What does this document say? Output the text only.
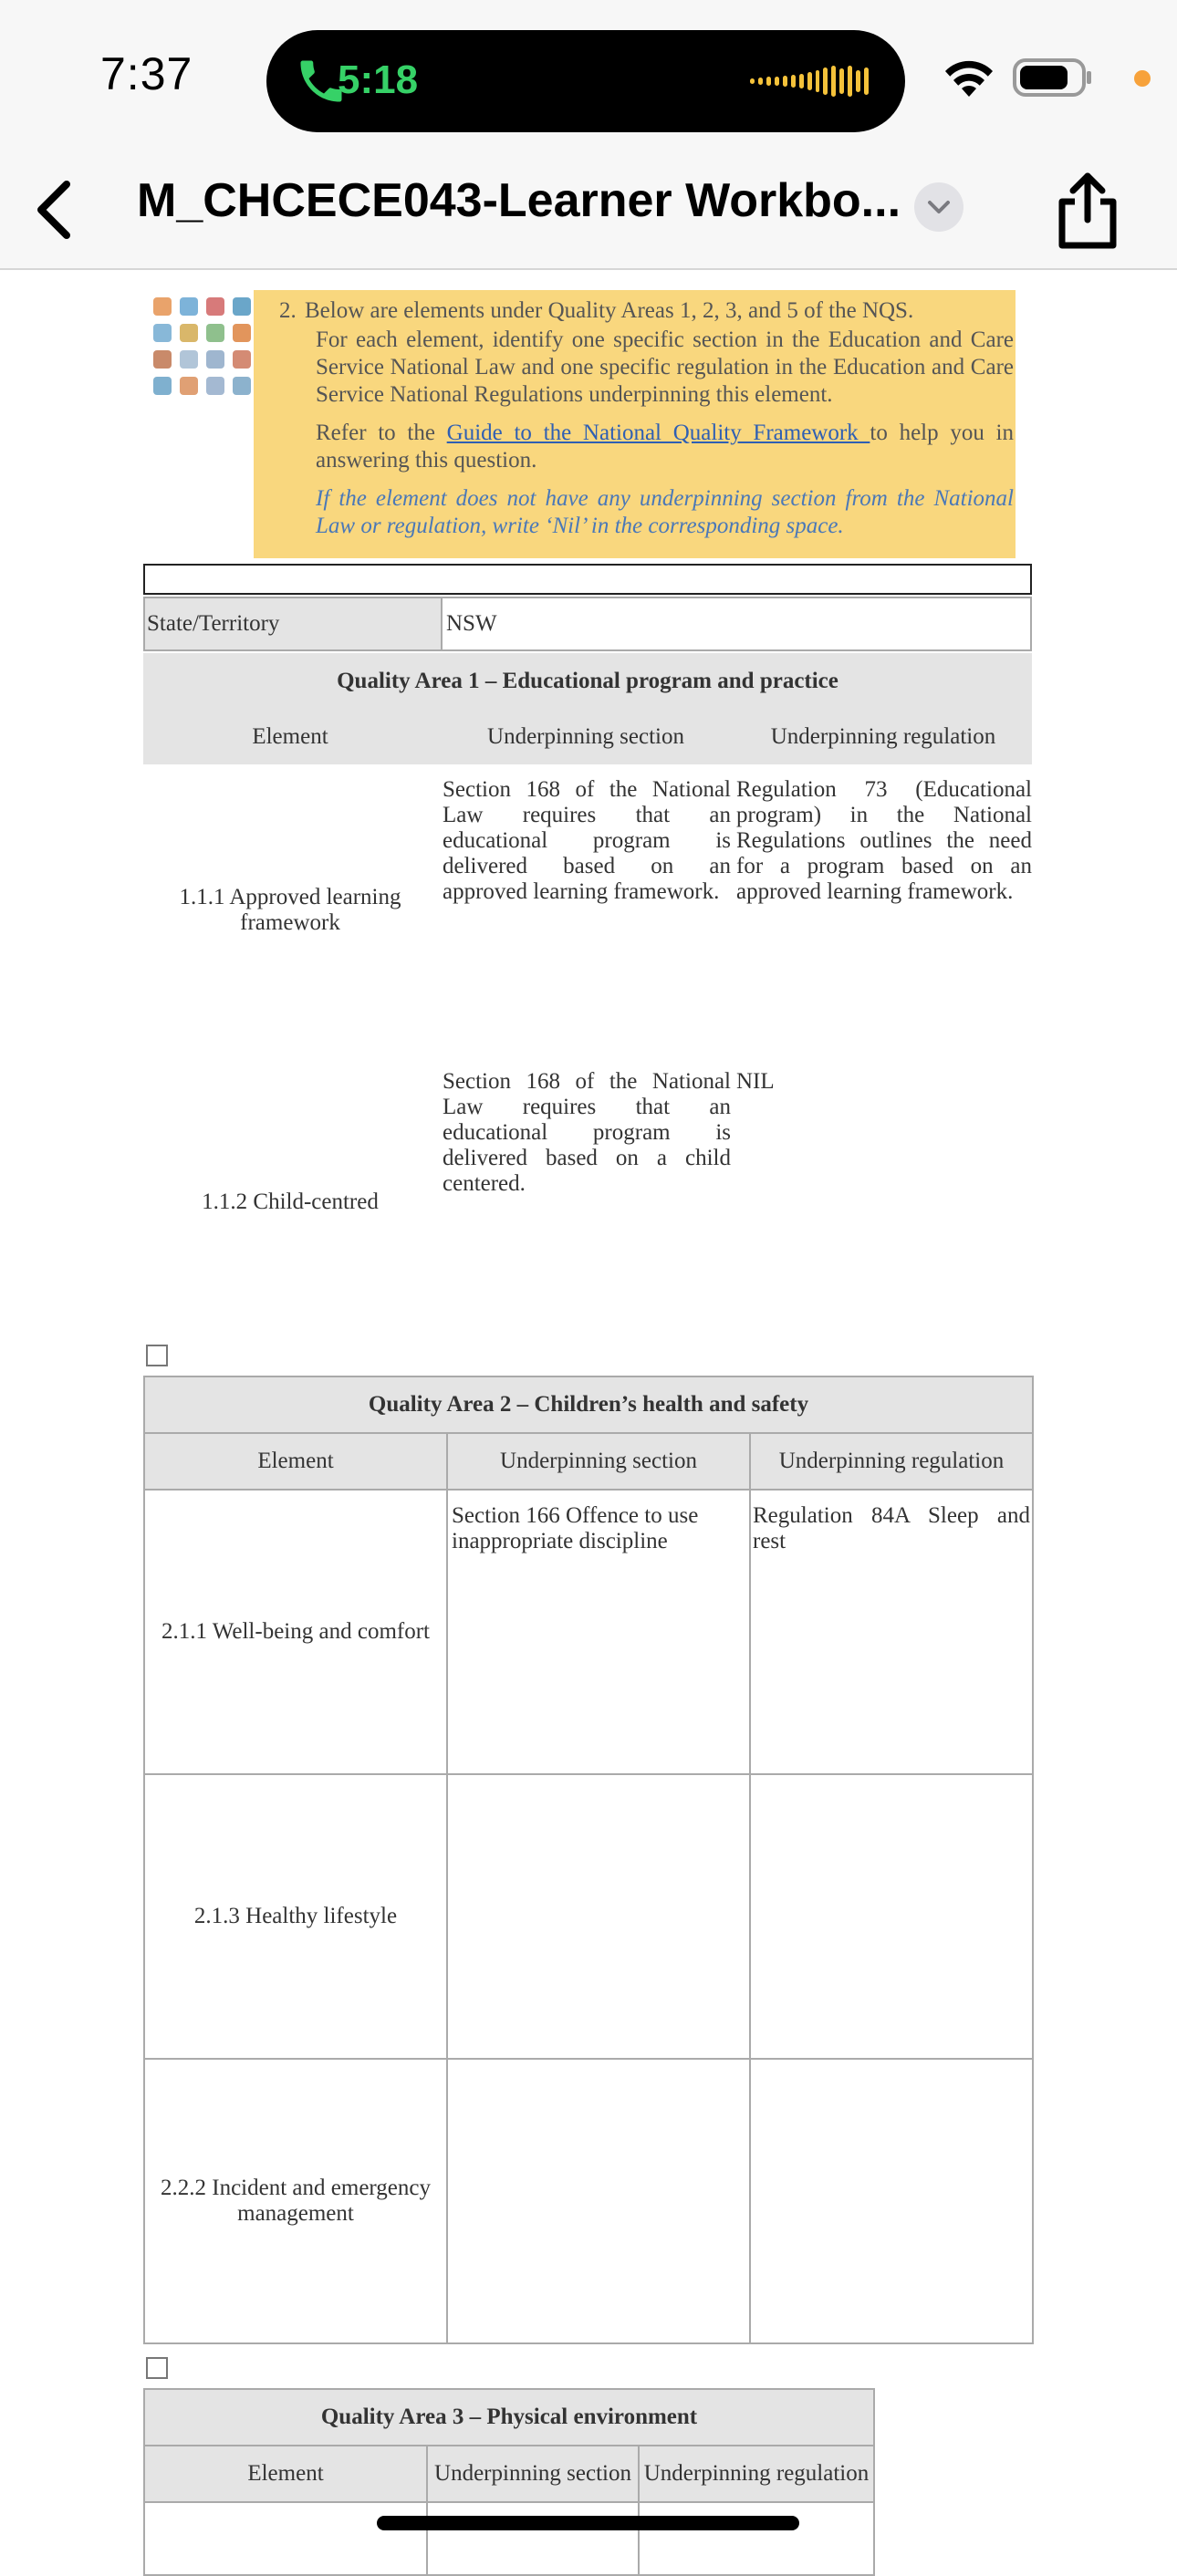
7:37	5:18
M_CHCECE043-Learner Workbo...
2. Below are elements under Quality Areas 1, 2, 3, and 5 of the NQS.
For each element, identify one specific section in the Education and Care Service National Law and one specific regulation in the Education and Care Service National Regulations underpinning this element.
Refer to the Guide to the National Quality Framework to help you in answering this question.
If the element does not have any underpinning section from the National Law or regulation, write ‘Nil’ in the corresponding space.
State/Territory	NSW
Quality Area 1 – Educational program and practice		
Element	Underpinning section	Underpinning regulation
1.1.1 Approved learning framework	Section 168 of the National Law requires that an educational program is delivered based on an approved learning framework.	Regulation 73 (Educational program) in the National Regulations outlines the need for a program based on an approved learning framework.
1.1.2 Child-centred	Section 168 of the National Law requires that an educational program is delivered based on a child centered.	NIL
Quality Area 2 – Children’s health and safety		
Element	Underpinning section	Underpinning regulation
2.1.1 Well-being and comfort	Section 166 Offence to use inappropriate discipline	Regulation 84A Sleep and rest
2.1.3 Healthy lifestyle		
2.2.2 Incident and emergency management		
Quality Area 3 – Physical environment		
Element	Underpinning section	Underpinning regulation
